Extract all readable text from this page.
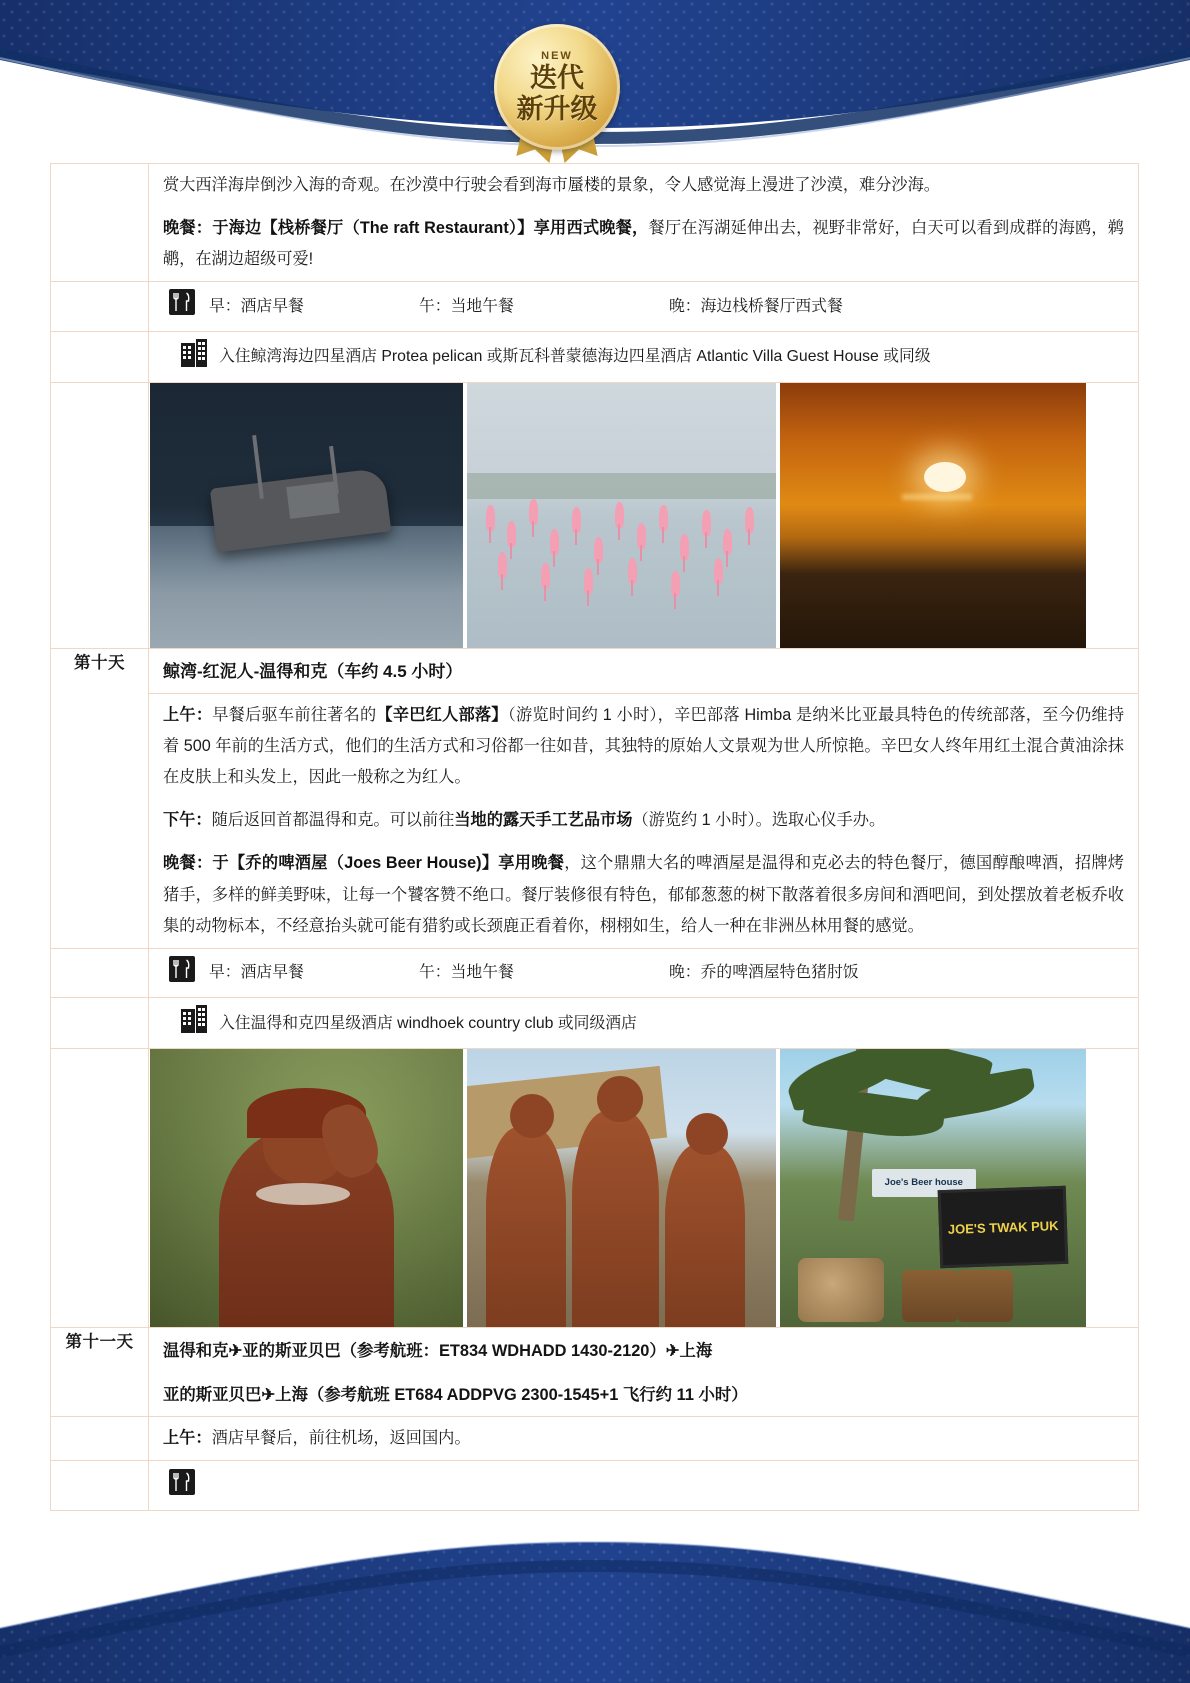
NEW
迭代
新升级

	赏大西洋海岸倒沙入海的奇观。在沙漠中行驶会看到海市蜃楼的景象，令人感觉海上漫进了沙漠，难分沙海。
晚餐：于海边【栈桥餐厅（The raft Restaurant）】享用西式晚餐，餐厅在泻湖延伸出去，视野非常好，白天可以看到成群的海鸥，鹈鹕，在湖边超级可爱!

	早：酒店早餐 午：当地午餐 晚：海边栈桥餐厅西式餐

	入住鲸湾海边四星酒店 Protea pelican 或斯瓦科普蒙德海边四星酒店 Atlantic Villa Guest House 或同级

第十天	鲸湾-红泥人-温得和克（车约 4.5 小时）

	上午：早餐后驱车前往著名的【辛巴红人部落】（游览时间约 1 小时），辛巴部落 Himba 是纳米比亚最具特色的传统部落，至今仍维持着 500 年前的生活方式，他们的生活方式和习俗都一往如昔，其独特的原始人文景观为世人所惊艳。辛巴女人终年用红土混合黄油涂抹在皮肤上和头发上，因此一般称之为红人。
下午：随后返回首都温得和克。可以前往当地的露天手工艺品市场（游览约 1 小时）。选取心仪手办。
晚餐：于【乔的啤酒屋（Joes Beer House)】享用晚餐，这个鼎鼎大名的啤酒屋是温得和克必去的特色餐厅，德国醇酿啤酒，招牌烤猪手，多样的鲜美野味，让每一个饕客赞不绝口。餐厅装修很有特色，郁郁葱葱的树下散落着很多房间和酒吧间，到处摆放着老板乔收集的动物标本，不经意抬头就可能有猎豹或长颈鹿正看着你，栩栩如生，给人一种在非洲丛林用餐的感觉。

	早：酒店早餐 午：当地午餐 晚：乔的啤酒屋特色猪肘饭

	入住温得和克四星级酒店 windhoek country club 或同级酒店

Joe's Beer house
JOE'S TWAK PUK

第十一天	温得和克✈亚的斯亚贝巴（参考航班：ET834 WDHADD 1430-2120）✈上海
亚的斯亚贝巴✈上海（参考航班 ET684 ADDPVG 2300-1545+1 飞行约 11 小时）

	上午：酒店早餐后，前往机场，返回国内。
